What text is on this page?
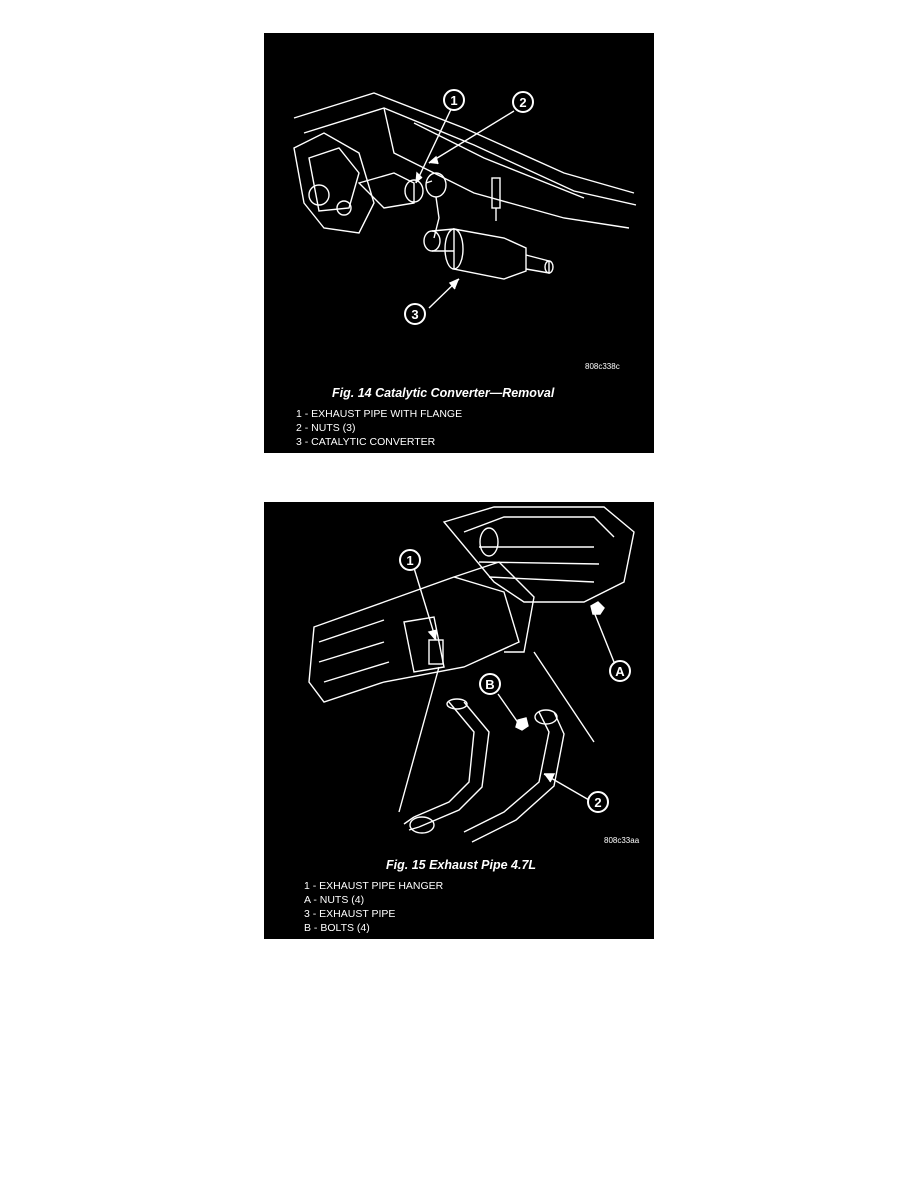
1	2
3
808c338c
Fig. 14 Catalytic Converter—Removal
1 - EXHAUST PIPE WITH FLANGE
2 - NUTS (3)
3 - CATALYTIC CONVERTER
1
A
B
2
808c33aa
Fig. 15 Exhaust Pipe 4.7L
1 - EXHAUST PIPE HANGER
A - NUTS (4)
3 - EXHAUST PIPE
B - BOLTS (4)
